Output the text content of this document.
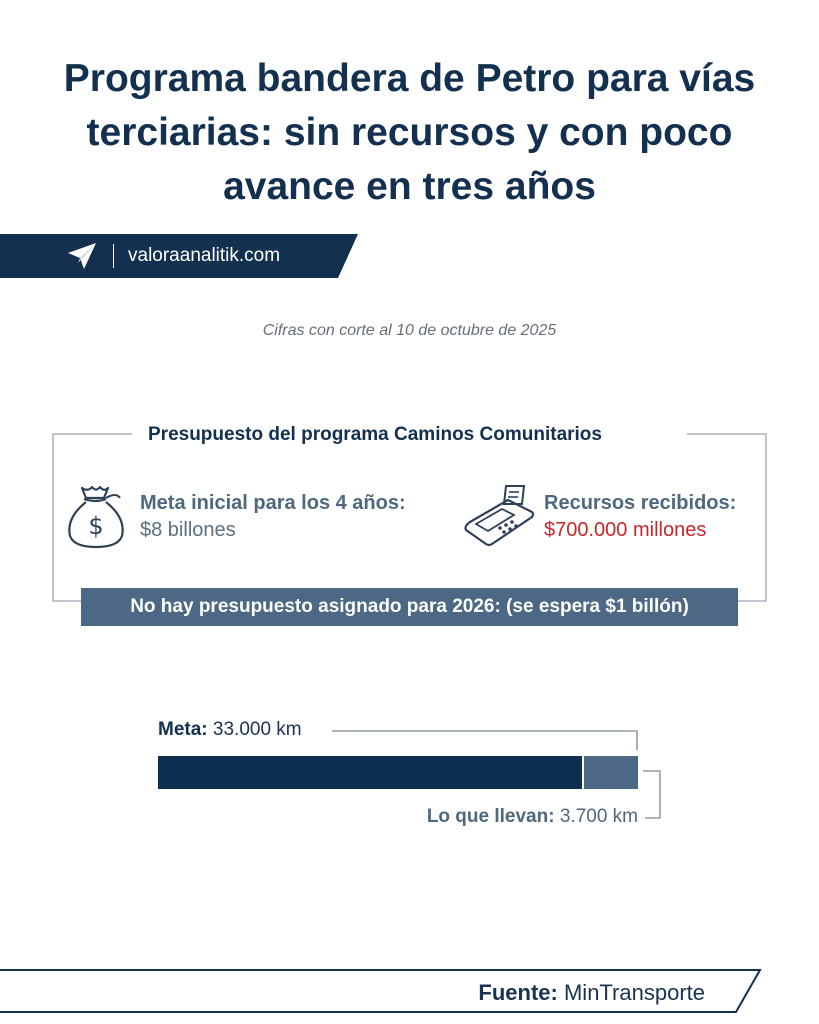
Programa bandera de Petro para vías
terciarias: sin recursos y con poco
avance en tres años
valoraanalitik.com
Cifras con corte al 10 de octubre de 2025
Presupuesto del programa Caminos Comunitarios
$
Meta inicial para los 4 años:
$8 billones
Recursos recibidos:
$700.000 millones
No hay presupuesto asignado para 2026: (se espera $1 billón)
Meta: 33.000 km
Lo que llevan: 3.700 km
Fuente: MinTransporte
